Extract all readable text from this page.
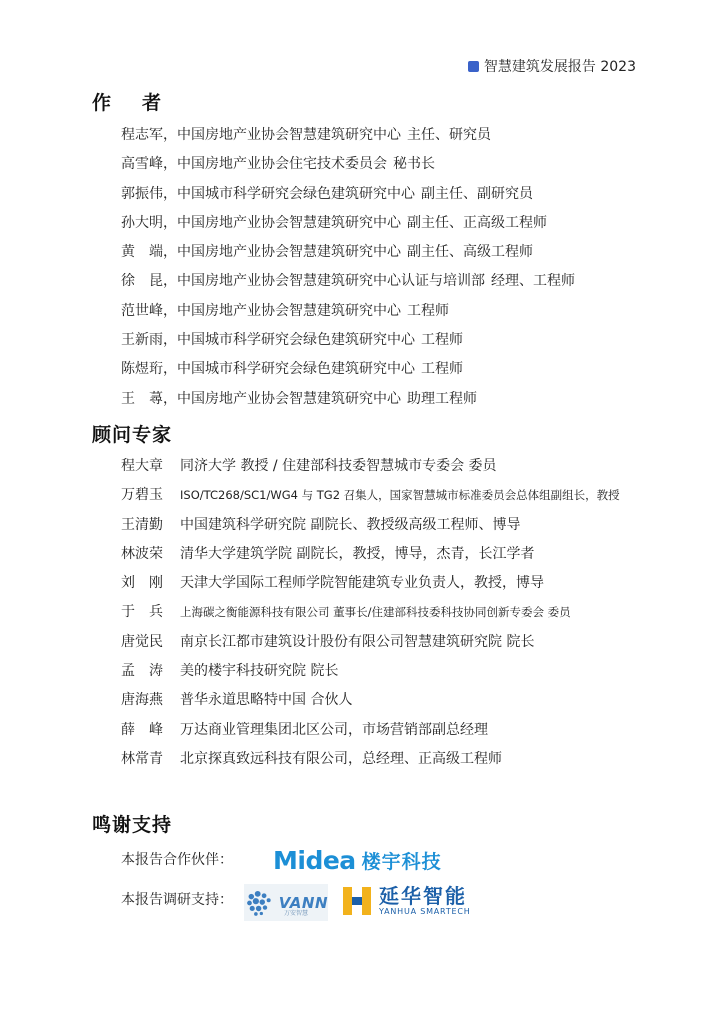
智慧建筑发展报告 2023
作 者
程志军，中国房地产业协会智慧建筑研究中心 主任、研究员
高雪峰，中国房地产业协会住宅技术委员会 秘书长
郭振伟，中国城市科学研究会绿色建筑研究中心 副主任、副研究员
孙大明，中国房地产业协会智慧建筑研究中心 副主任、正高级工程师
黄　端，中国房地产业协会智慧建筑研究中心 副主任、高级工程师
徐　昆，中国房地产业协会智慧建筑研究中心认证与培训部 经理、工程师
范世峰，中国房地产业协会智慧建筑研究中心 工程师
王新雨，中国城市科学研究会绿色建筑研究中心 工程师
陈煜珩，中国城市科学研究会绿色建筑研究中心 工程师
王　蕁，中国房地产业协会智慧建筑研究中心 助理工程师
顾问专家
程大章 同济大学 教授 / 住建部科技委智慧城市专委会 委员
万碧玉 ISO/TC268/SC1/WG4 与 TG2 召集人，国家智慧城市标准委员会总体组副组长，教授
王清勤 中国建筑科学研究院 副院长、教授级高级工程师、博导
林波荣 清华大学建筑学院 副院长，教授，博导，杰青，长江学者
刘　刚 天津大学国际工程师学院智能建筑专业负责人，教授，博导
于　兵 上海碳之衡能源科技有限公司 董事长/住建部科技委科技协同创新专委会 委员
唐觉民 南京长江都市建筑设计股份有限公司智慧建筑研究院 院长
孟　涛 美的楼宇科技研究院 院长
唐海燕 普华永道思略特中国 合伙人
薛　峰 万达商业管理集团北区公司，市场营销部副总经理
林常青 北京探真致远科技有限公司，总经理、正高级工程师
鸣谢支持
本报告合作伙伴：
本报告调研支持：
Midea 楼宇科技
VANN
万安智慧
延华智能
YANHUA SMARTECH
